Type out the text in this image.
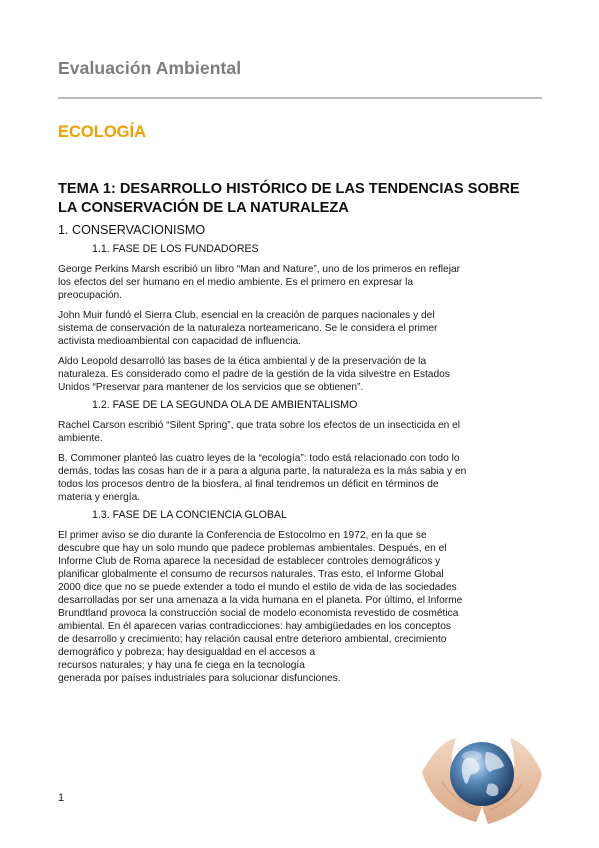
Evaluación Ambiental
ECOLOGÍA
TEMA 1: DESARROLLO HISTÓRICO DE LAS TENDENCIAS SOBRE
LA CONSERVACIÓN DE LA NATURALEZA
1. CONSERVACIONISMO
1.1. FASE DE LOS FUNDADORES

George Perkins Marsh escribió un libro “Man and Nature”, uno de los primeros en reflejar
los efectos del ser humano en el medio ambiente. Es el primero en expresar la
preocupación.

John Muir fundó el Sierra Club, esencial en la creación de parques nacionales y del
sistema de conservación de la naturaleza norteamericano. Se le considera el primer
activista medioambiental con capacidad de influencia.

Aldo Leopold desarrolló las bases de la ética ambiental y de la preservación de la
naturaleza. Es considerado como el padre de la gestión de la vida silvestre en Estados
Unidos “Preservar para mantener de los servicios que se obtienen”.

1.2. FASE DE LA SEGUNDA OLA DE AMBIENTALISMO

Rachel Carson escribió “Silent Spring”, que trata sobre los efectos de un insecticida en el
ambiente.

B. Commoner planteó las cuatro leyes de la “ecología”: todo está relacionado con todo lo
demás, todas las cosas han de ir a para a alguna parte, la naturaleza es la más sabia y en
todos los procesos dentro de la biosfera, al final tendremos un déficit en términos de
materia y energía.

1.3. FASE DE LA CONCIENCIA GLOBAL

El primer aviso se dio durante la Conferencia de Estocolmo en 1972, en la que se
descubre que hay un solo mundo que padece problemas ambientales. Después, en el
Informe Club de Roma aparece la necesidad de establecer controles demográficos y
planificar globalmente el consumo de recursos naturales. Tras esto, el Informe Global
2000 dice que no se puede extender a todo el mundo el estilo de vida de las sociedades
desarrolladas por ser una amenaza a la vida humana en el planeta. Por último, el Informe
Brundtland provoca la construcción social de modelo economista revestido de cosmética
ambiental. En él aparecen varias contradicciones: hay ambigüedades en los conceptos
de desarrollo y crecimiento; hay relación causal entre deterioro ambiental, crecimiento
demográfico y pobreza; hay desigualdad en el accesos a
recursos naturales; y hay una fe ciega en la tecnología
generada por países industriales para solucionar disfunciones.

1
